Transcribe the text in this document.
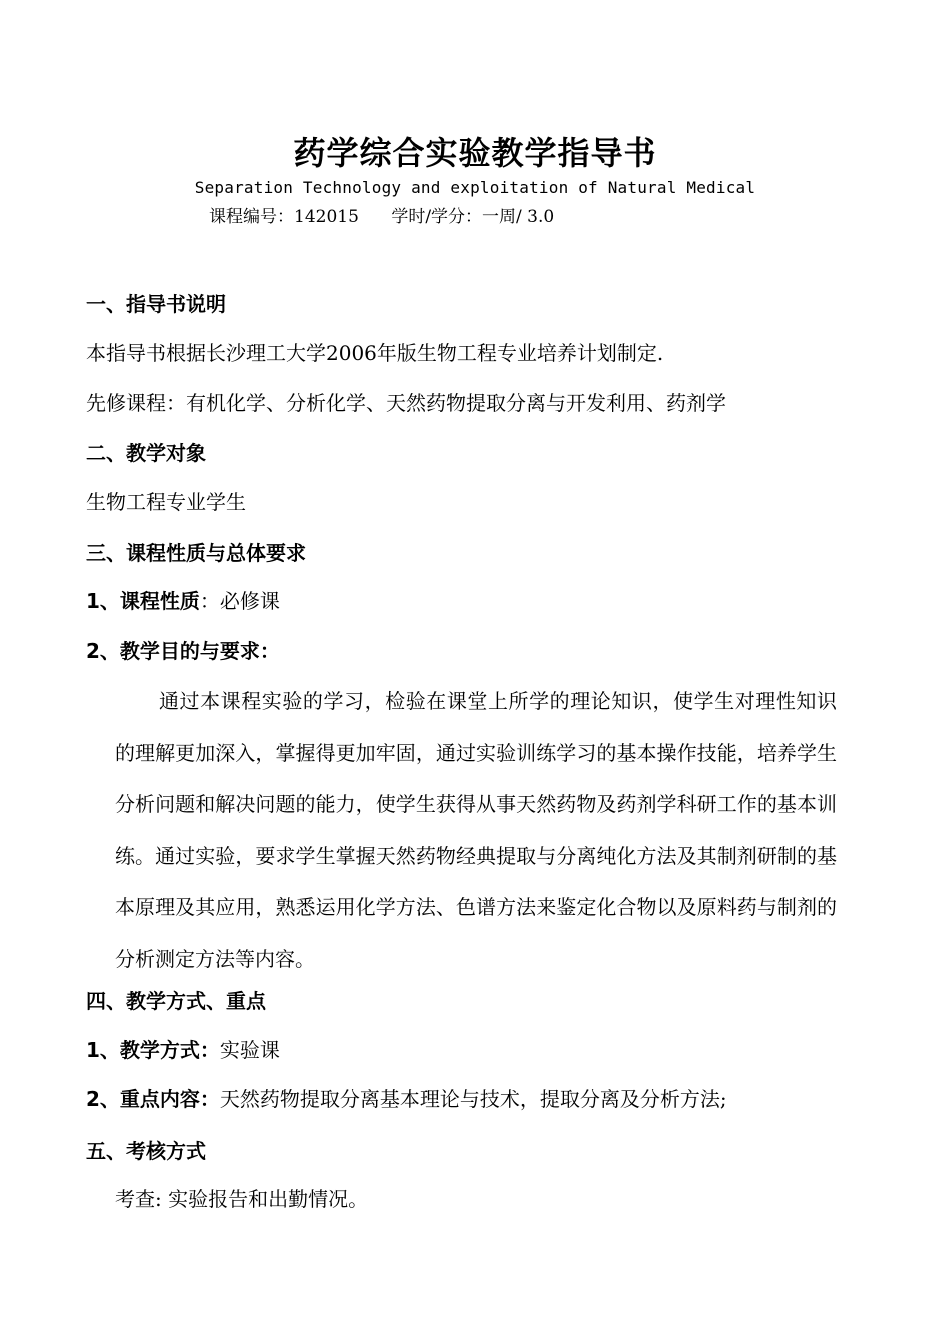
药学综合实验教学指导书
Separation Technology and exploitation of Natural Medical
课程编号：142015      学时/学分：一周/ 3.0
一、指导书说明
本指导书根据长沙理工大学2006年版生物工程专业培养计划制定.
先修课程：有机化学、分析化学、天然药物提取分离与开发利用、药剂学
二、教学对象
生物工程专业学生
三、课程性质与总体要求
1、课程性质：必修课
2、教学目的与要求：
通过本课程实验的学习，检验在课堂上所学的理论知识，使学生对理性知识的理解更加深入，掌握得更加牢固，通过实验训练学习的基本操作技能，培养学生分析问题和解决问题的能力，使学生获得从事天然药物及药剂学科研工作的基本训练。通过实验，要求学生掌握天然药物经典提取与分离纯化方法及其制剂研制的基本原理及其应用，熟悉运用化学方法、色谱方法来鉴定化合物以及原料药与制剂的分析测定方法等内容。
四、教学方式、重点
1、教学方式：实验课
2、重点内容：天然药物提取分离基本理论与技术，提取分离及分析方法;
五、考核方式
考查: 实验报告和出勤情况。
